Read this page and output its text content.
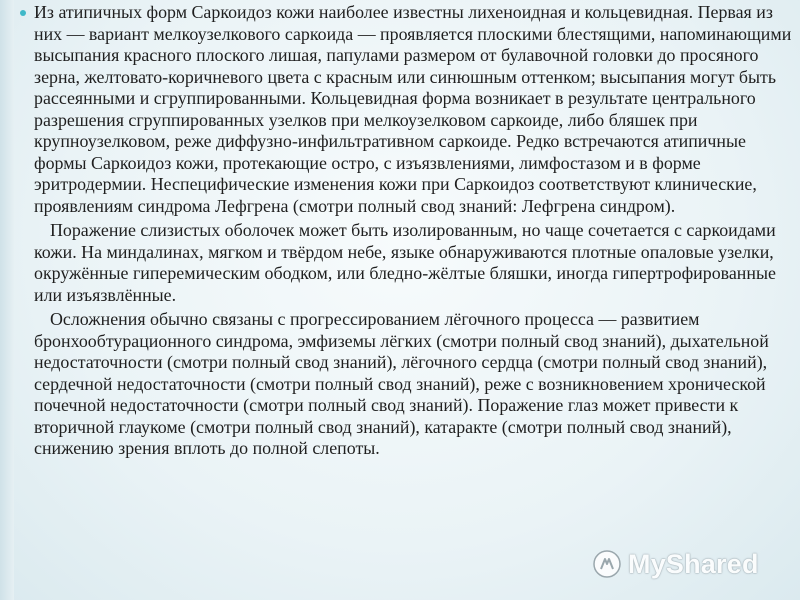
Из атипичных форм Саркоидоз кожи наиболее известны лихеноидная и кольцевидная. Первая из них — вариант мелкоузелкового саркоида — проявляется плоскими блестящими, напоминающими высыпания красного плоского лишая, папулами размером от булавочной головки до просяного зерна, желтовато-коричневого цвета с красным или синюшным оттенком; высыпания могут быть рассеянными и сгруппированными. Кольцевидная форма возникает в результате центрального разрешения сгруппированных узелков при мелкоузелковом саркоиде, либо бляшек при крупноузелковом, реже диффузно-инфильтративном саркоиде. Редко встречаются атипичные формы Саркоидоз кожи, протекающие остро, с изъязвлениями, лимфостазом и в форме эритродермии. Неспецифические изменения кожи при Саркоидоз соответствуют клинические, проявлениям синдрома Лефгрена (смотри полный свод знаний: Лефгрена синдром).

Поражение слизистых оболочек может быть изолированным, но чаще сочетается с саркоидами кожи. На миндалинах, мягком и твёрдом небе, языке обнаруживаются плотные опаловые узелки, окружённые гиперемическим ободком, или бледно-жёлтые бляшки, иногда гипертрофированные или изъязвлённые.

Осложнения обычно связаны с прогрессированием лёгочного процесса — развитием бронхообтурационного синдрома, эмфиземы лёгких (смотри полный свод знаний), дыхательной недостаточности (смотри полный свод знаний), лёгочного сердца (смотри полный свод знаний), сердечной недостаточности (смотри полный свод знаний), реже с возникновением хронической почечной недостаточности (смотри полный свод знаний). Поражение глаз может привести к вторичной глаукоме (смотри полный свод знаний), катаракте (смотри полный свод знаний), снижению зрения вплоть до полной слепоты.

MyShared
